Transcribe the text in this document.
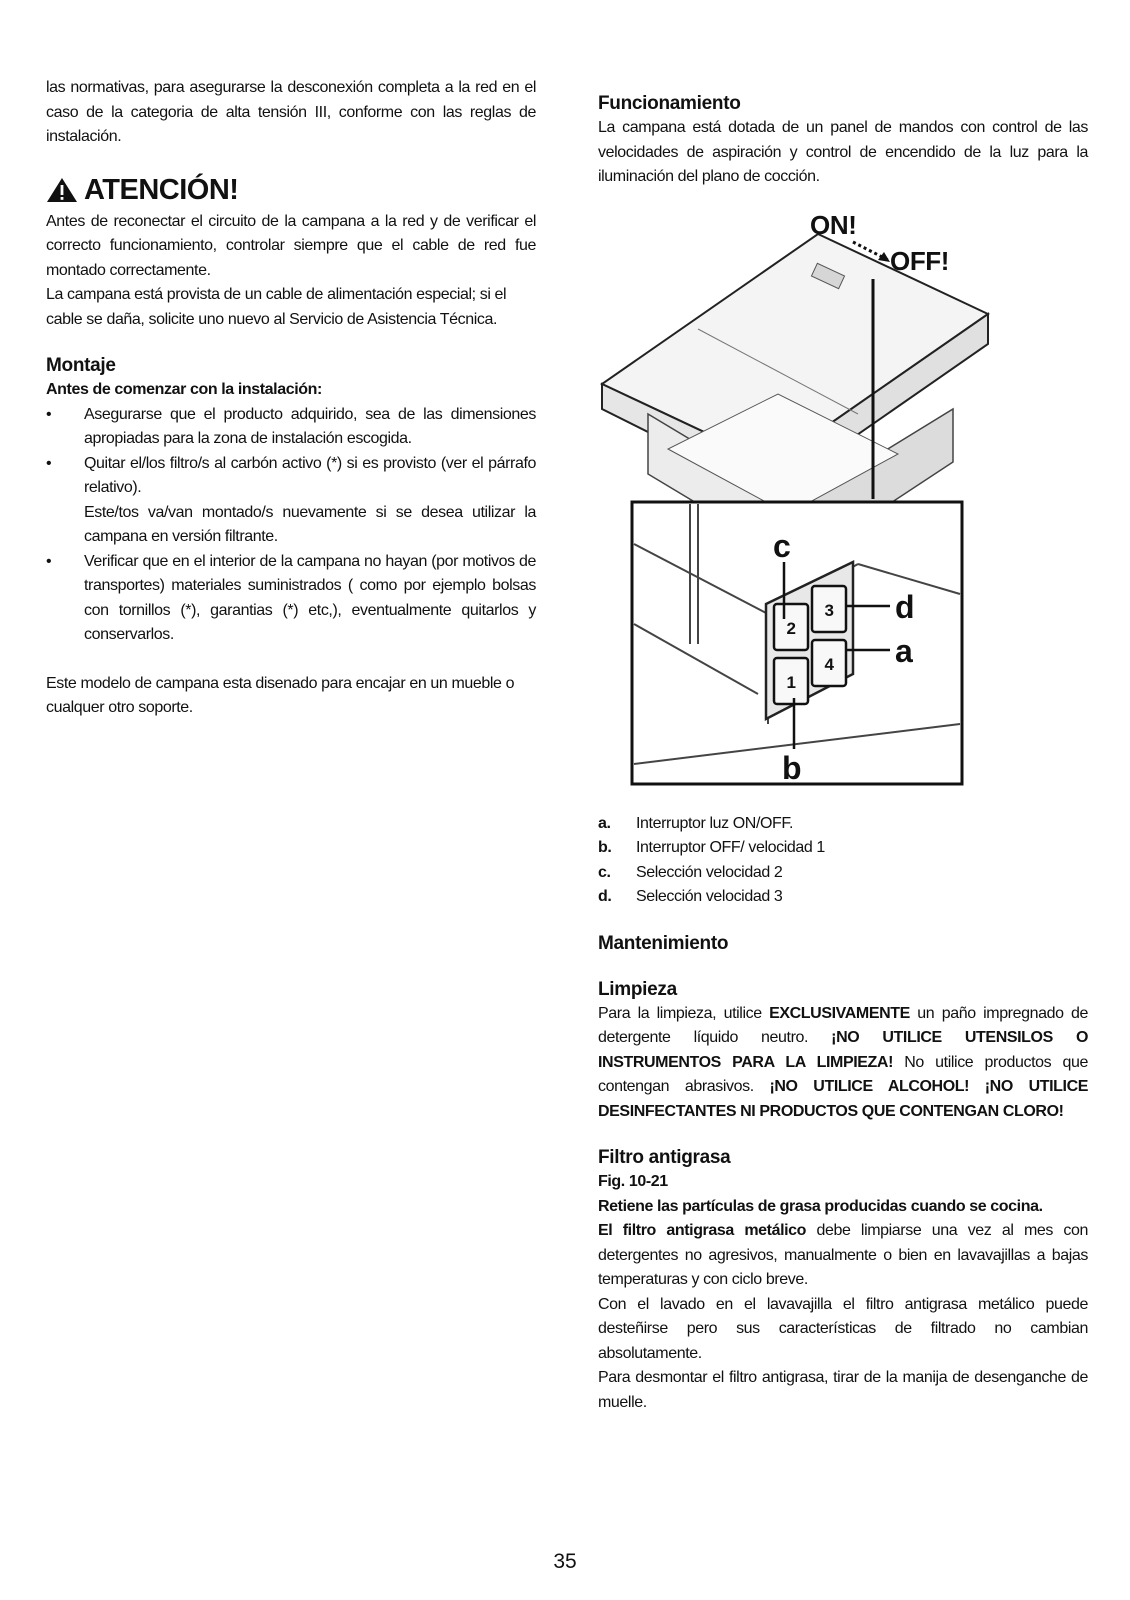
las normativas, para asegurarse la desconexión completa a la red en el caso de la categoria de alta tensión III, conforme con las reglas de instalación.

ATENCIÓN!

Antes de reconectar el circuito de la campana a la red y de verificar el correcto funcionamiento, controlar siempre que el cable de red fue montado correctamente.

La campana está provista de un cable de alimentación especial; si el cable se daña, solicite uno nuevo al Servicio de Asistencia Técnica.

Montaje

Antes de comenzar con la instalación:

• Asegurarse que el producto adquirido, sea de las dimensiones apropiadas para la zona de instalación escogida.
• Quitar el/los filtro/s al carbón activo (*) si es provisto (ver el párrafo relativo).
Este/tos va/van montado/s nuevamente si se desea utilizar la campana en versión filtrante.
• Verificar que en el interior de la campana no hayan (por motivos de transportes) materiales suministrados ( como por ejemplo bolsas con tornillos (*), garantias (*) etc,), eventualmente quitarlos y conservarlos.

Este modelo de campana esta disenado para encajar en un mueble o cualquer otro soporte.

Funcionamiento

La campana está dotada de un panel de mandos con control de las velocidades de aspiración y control de encendido de la luz para la iluminación del plano de cocción.

ON!
OFF!
2
3
1
4
c
d
a
b
a.	Interruptor luz ON/OFF.
b.	Interruptor OFF/ velocidad 1
c.	Selección velocidad 2
d.	Selección velocidad 3
Mantenimiento
Limpieza

Para la limpieza, utilice EXCLUSIVAMENTE un paño impregnado de detergente líquido neutro. ¡NO UTILICE UTENSILOS O INSTRUMENTOS PARA LA LIMPIEZA! No utilice productos que contengan abrasivos. ¡NO UTILICE ALCOHOL! ¡NO UTILICE DESINFECTANTES NI PRODUCTOS QUE CONTENGAN CLORO!

Filtro antigrasa

Fig. 10-21

Retiene las partículas de grasa producidas cuando se cocina.

El filtro antigrasa metálico debe limpiarse una vez al mes con detergentes no agresivos, manualmente o bien en lavavajillas a bajas temperaturas y con ciclo breve.

Con el lavado en el lavavajilla el filtro antigrasa metálico puede desteñirse pero sus características de filtrado no cambian absolutamente.

Para desmontar el filtro antigrasa, tirar de la manija de desenganche de muelle.

35
